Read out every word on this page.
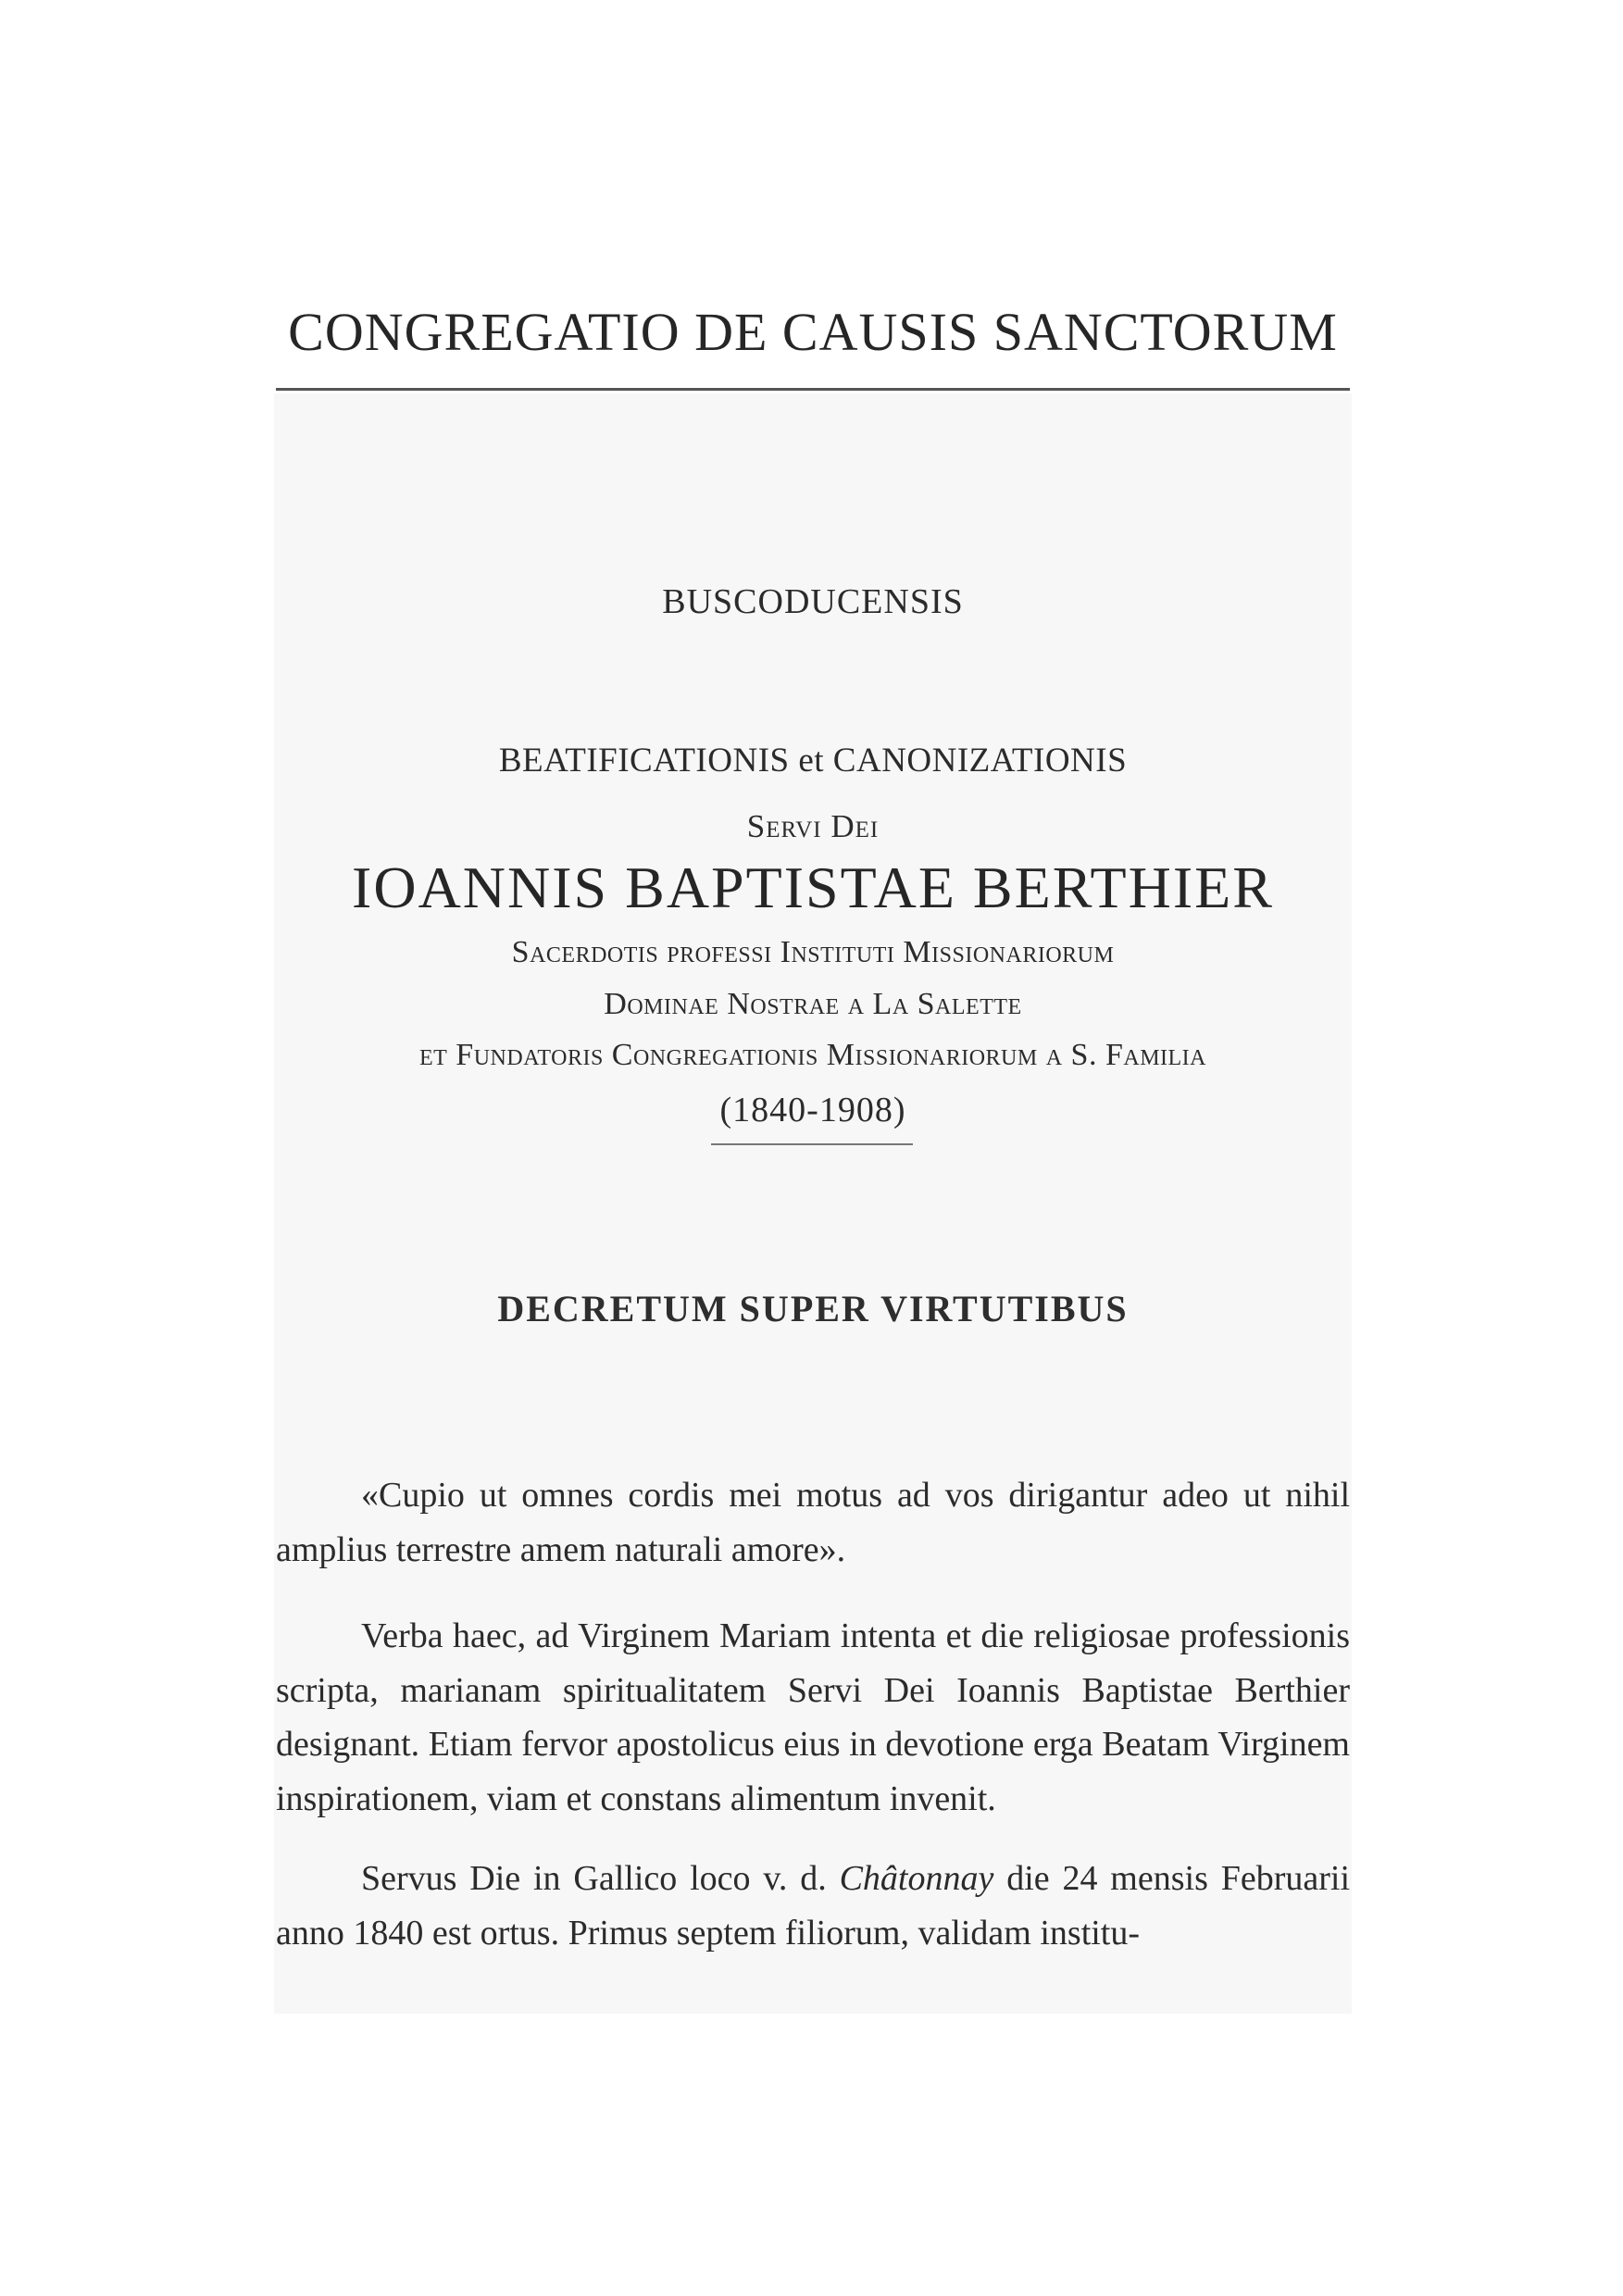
CONGREGATIO DE CAUSIS SANCTORUM
BUSCODUCENSIS
BEATIFICATIONIS et CANONIZATIONIS
Servi Dei
IOANNIS BAPTISTAE BERTHIER
Sacerdotis professi Instituti Missionariorum
Dominae Nostrae a La Salette
et Fundatoris Congregationis Missionariorum a S. Familia
(1840-1908)
DECRETUM SUPER VIRTUTIBUS

«Cupio ut omnes cordis mei motus ad vos dirigantur adeo ut nihil amplius terrestre amem naturali amore».

Verba haec, ad Virginem Mariam intenta et die religiosae professionis scripta, marianam spiritualitatem Servi Dei Ioannis Baptistae Berthier designant. Etiam fervor apostolicus eius in devotione erga Beatam Virginem inspirationem, viam et constans alimentum invenit.

Servus Die in Gallico loco v. d. Châtonnay die 24 mensis Februarii anno 1840 est ortus. Primus septem filiorum, validam institu-
